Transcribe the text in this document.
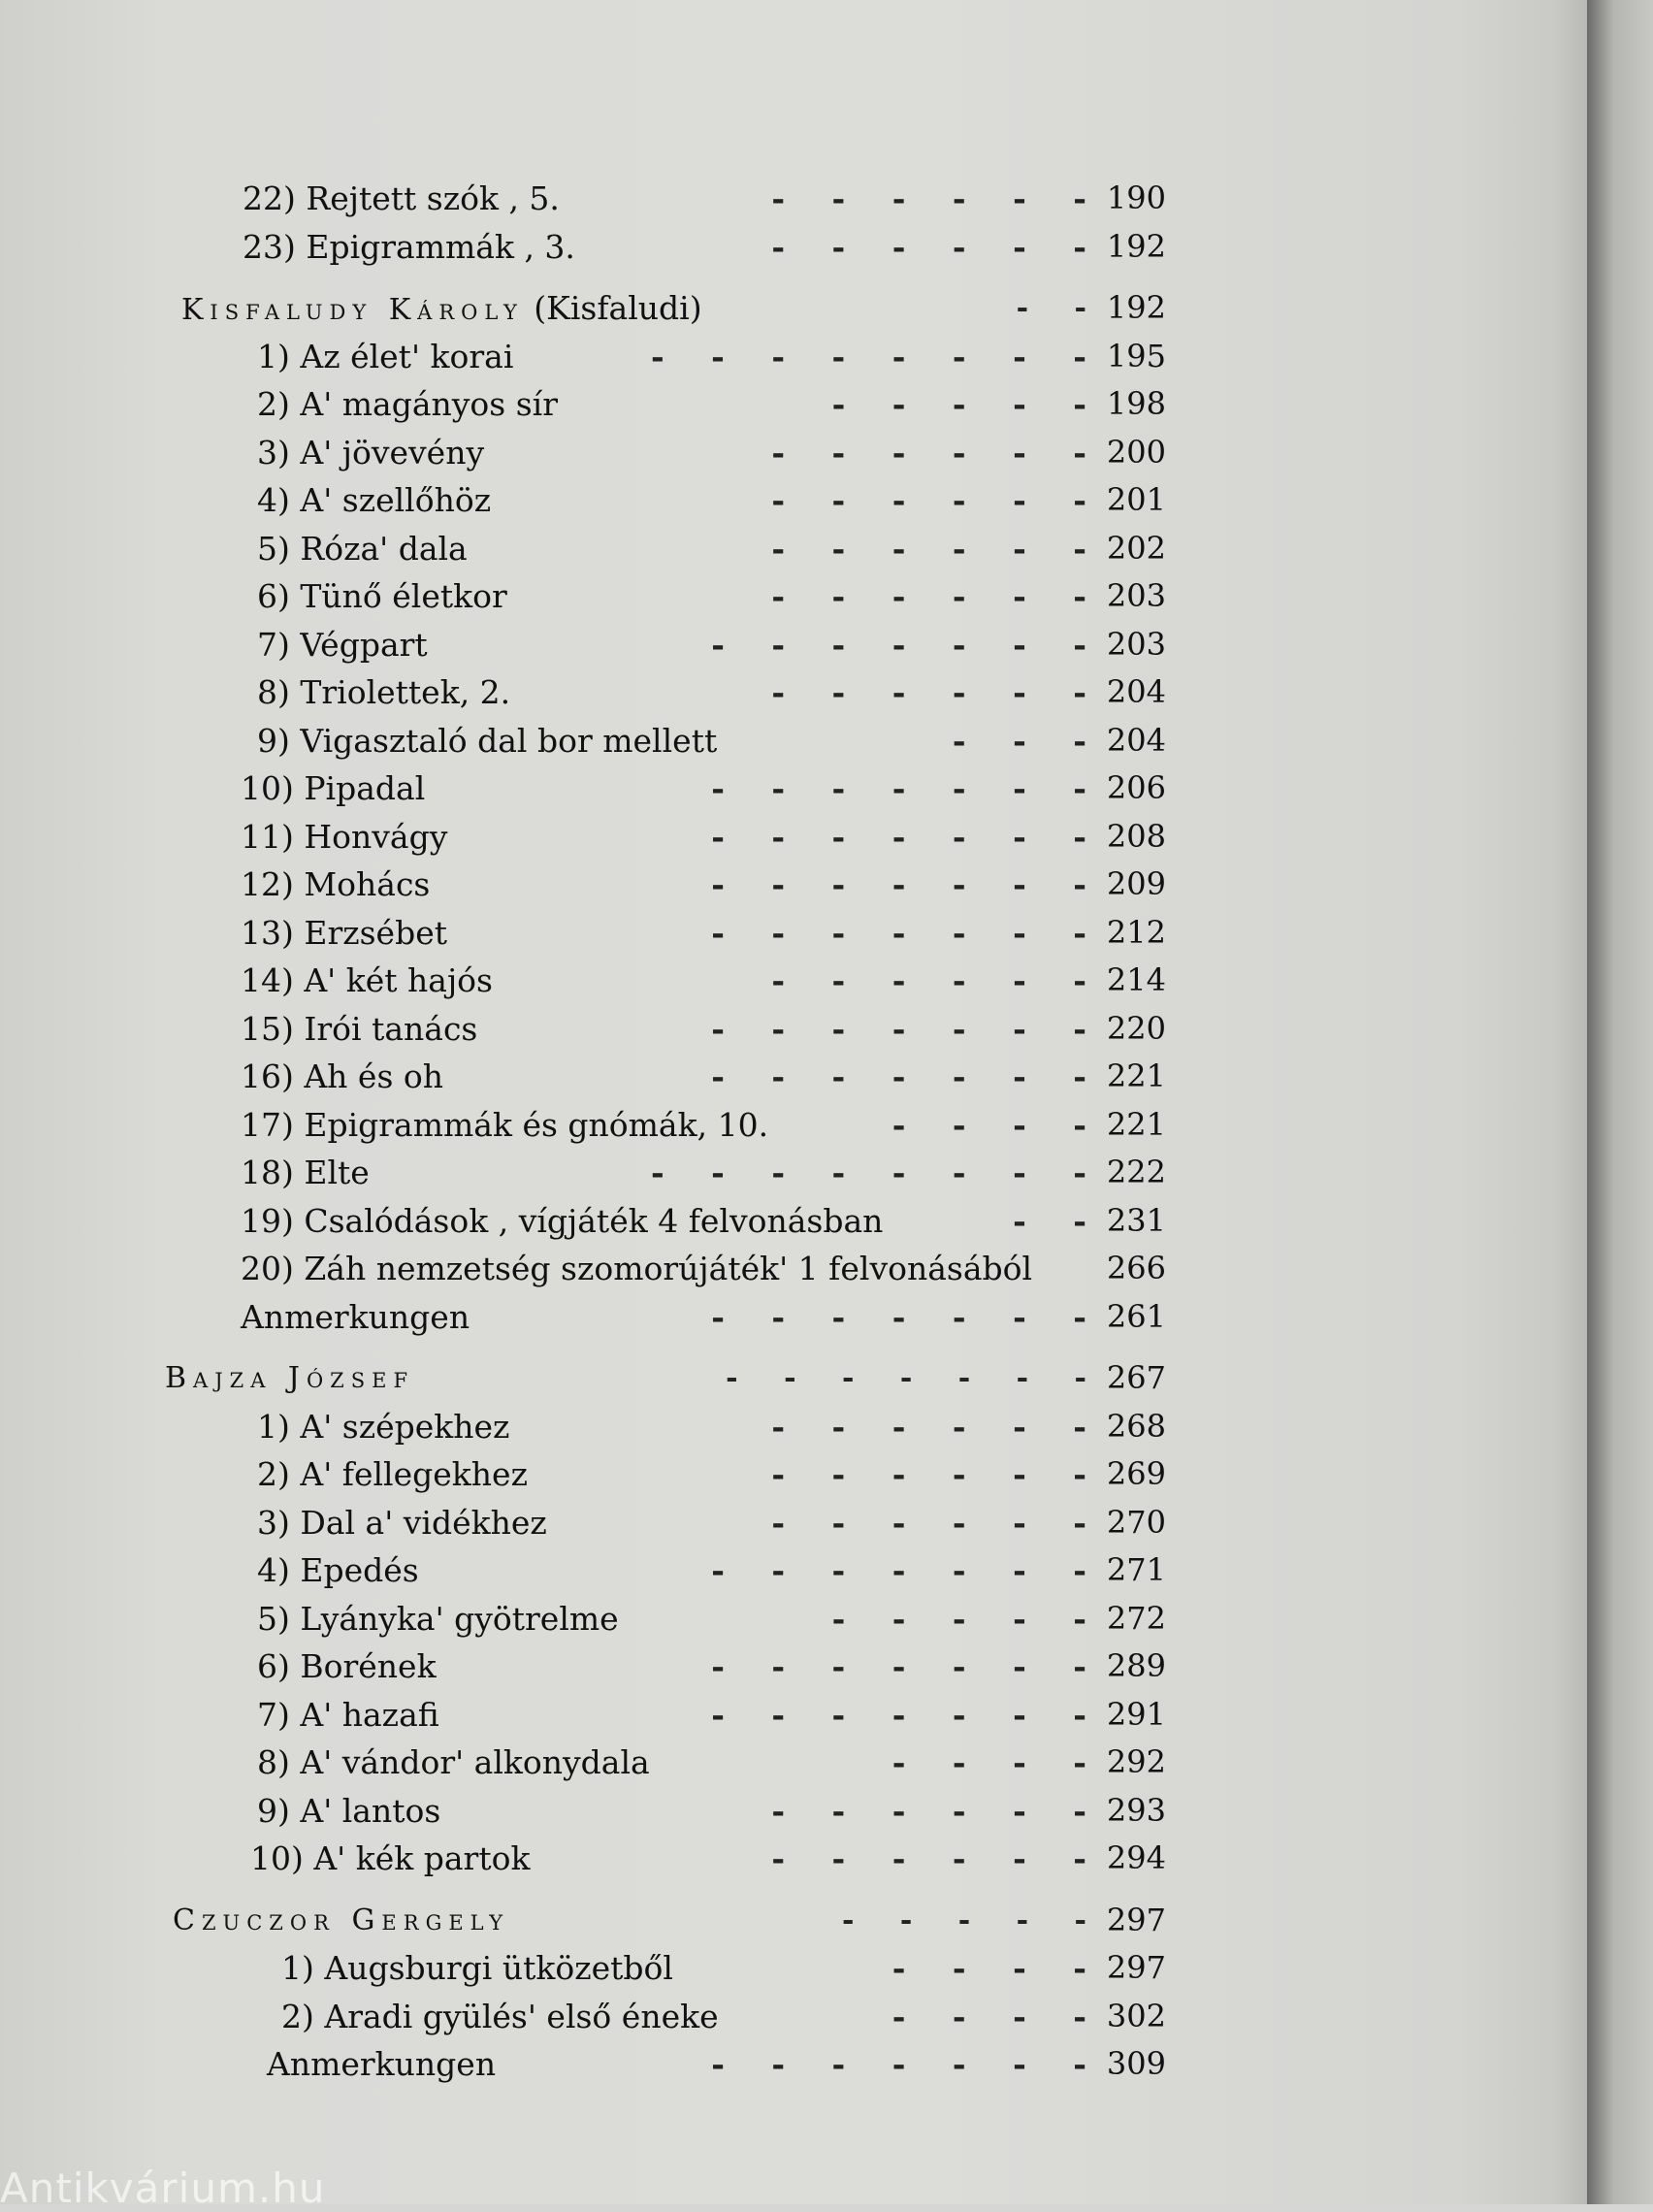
22) Rejtett szók , 5.	- - - - - - 190
23) Epigrammák , 3.	- - - - - - 192
Kisfaludy Károly (Kisfaludi)	- - 192
1) Az élet' korai	- - - - - - - - 195
2) A' magányos sír	- - - - - 198
3) A' jövevény	- - - - - - 200
4) A' szellőhöz	- - - - - - 201
5) Róza' dala	- - - - - - 202
6) Tünő életkor	- - - - - - 203
7) Végpart	- - - - - - - 203
8) Triolettek, 2.	- - - - - - 204
9) Vigasztaló dal bor mellett	- - - 204
10) Pipadal	- - - - - - - 206
11) Honvágy	- - - - - - - 208
12) Mohács	- - - - - - - 209
13) Erzsébet	- - - - - - - 212
14) A' két hajós	- - - - - - 214
15) Irói tanács	- - - - - - - 220
16) Ah és oh	- - - - - - - 221
17) Epigrammák és gnómák, 10.	- - - - 221
18) Elte	- - - - - - - - 222
19) Csalódások , vígjáték 4 felvonásban	- - 231
20) Záh nemzetség szomorújáték' 1 felvonásából	266
Anmerkungen	- - - - - - - 261
Bajza József	- - - - - - - 267
1) A' szépekhez	- - - - - - 268
2) A' fellegekhez	- - - - - - 269
3) Dal a' vidékhez	- - - - - - 270
4) Epedés	- - - - - - - 271
5) Lyányka' gyötrelme	- - - - - 272
6) Borének	- - - - - - - 289
7) A' hazafi	- - - - - - - 291
8) A' vándor' alkonydala	- - - - 292
9) A' lantos	- - - - - - 293
10) A' kék partok	- - - - - - 294
Czuczor Gergely	- - - - - 297
1) Augsburgi ütközetből	- - - - 297
2) Aradi gyülés' első éneke	- - - - 302
Anmerkungen	- - - - - - - 309
Antikvárium.hu
